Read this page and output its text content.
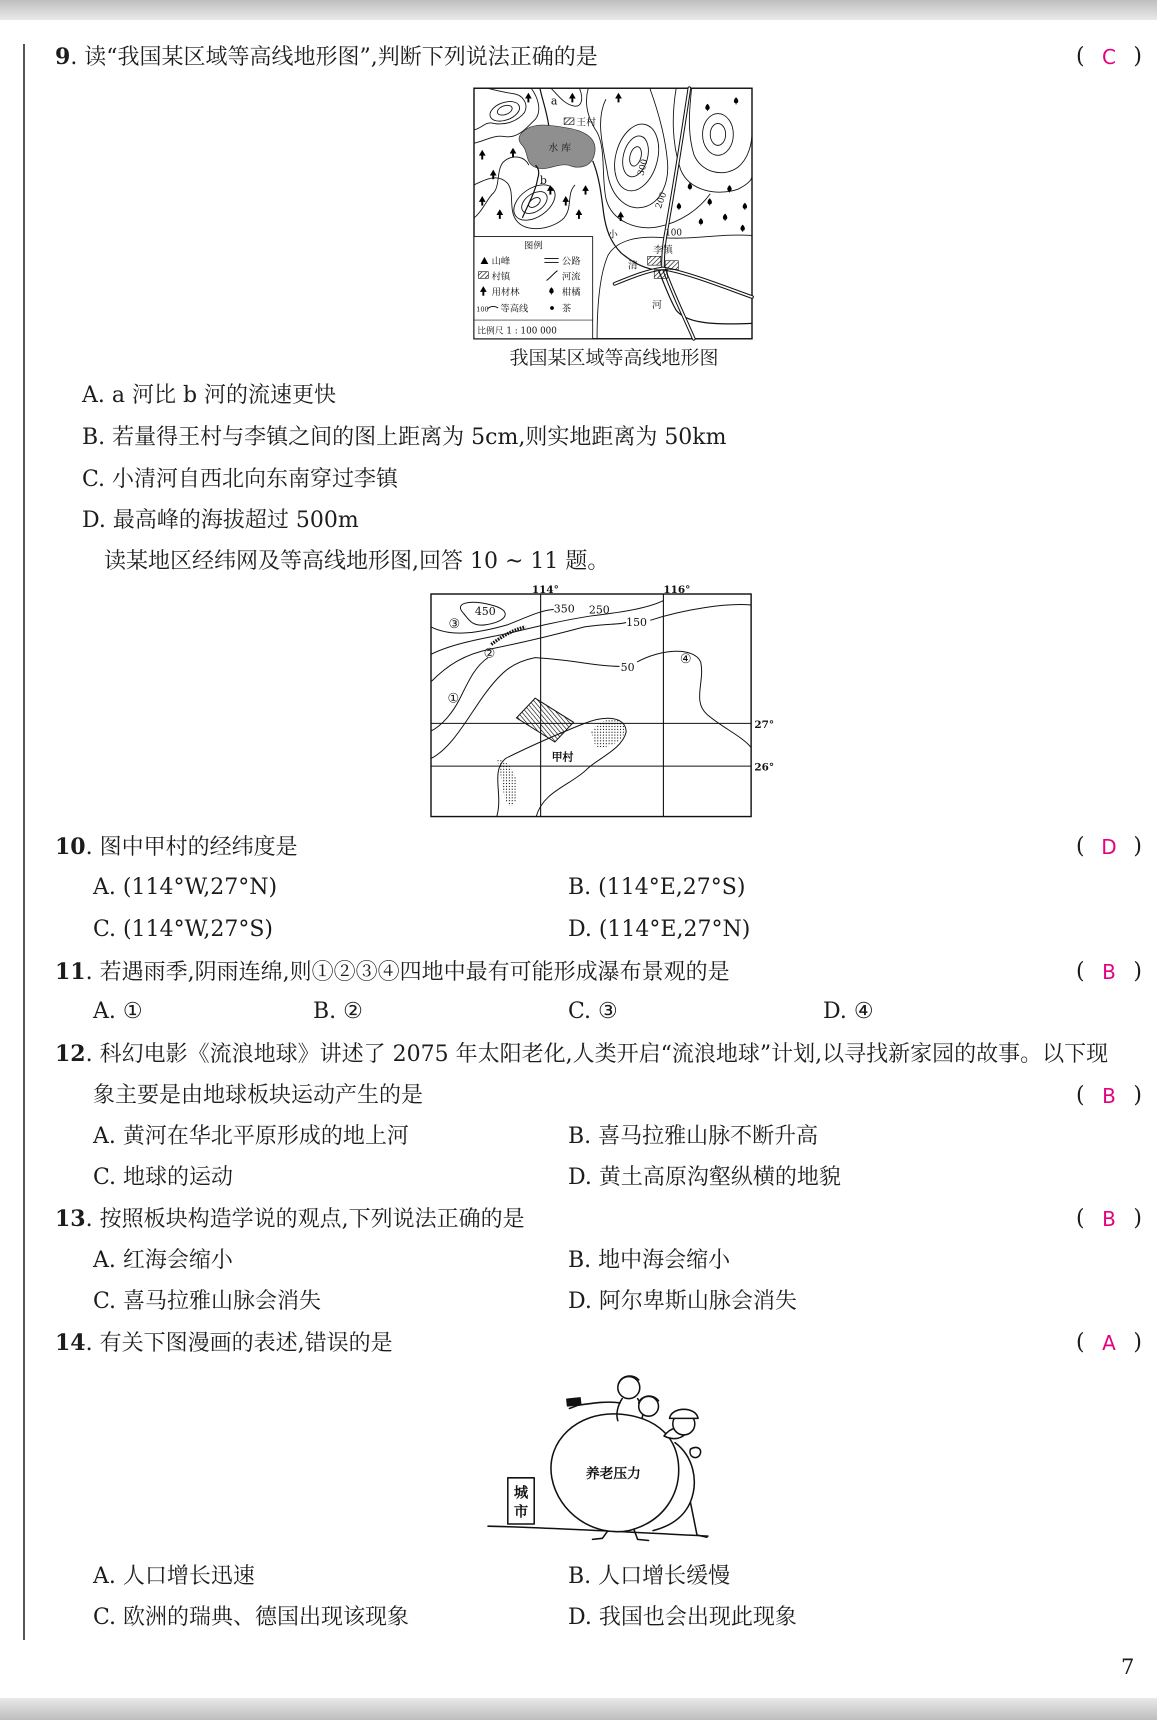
9. 读“我国某区域等高线地形图”,判断下列说法正确的是	( C )
a
b
王村
水 库
300
200
100
小
清
河
李镇
图例
山峰	公路
村镇	河流
用材林	柑橘
100 等高线	茶
比例尺 1 : 100 000
我国某区域等高线地形图
A. a 河比 b 河的流速更快
B. 若量得王村与李镇之间的图上距离为 5cm,则实地距离为 50km
C. 小清河自西北向东南穿过李镇
D. 最高峰的海拔超过 500m
读某地区经纬网及等高线地形图,回答 10 ~ 11 题。
114°	116°
27°
26°
450	350 250
150
50
③
②
①
④
甲村
10. 图中甲村的经纬度是	( D )
A. (114°W,27°N)	B. (114°E,27°S)
C. (114°W,27°S)	D. (114°E,27°N)
11. 若遇雨季,阴雨连绵,则①②③④四地中最有可能形成瀑布景观的是	( B )
A. ①	B. ②	C. ③	D. ④
12. 科幻电影《流浪地球》讲述了 2075 年太阳老化,人类开启“流浪地球”计划,以寻找新家园的故事。以下现
象主要是由地球板块运动产生的是	( B )
A. 黄河在华北平原形成的地上河	B. 喜马拉雅山脉不断升高
C. 地球的运动	D. 黄土高原沟壑纵横的地貌
13. 按照板块构造学说的观点,下列说法正确的是	( B )
A. 红海会缩小	B. 地中海会缩小
C. 喜马拉雅山脉会消失	D. 阿尔卑斯山脉会消失
14. 有关下图漫画的表述,错误的是	( A )
养老压力
城
市
A. 人口增长迅速	B. 人口增长缓慢
C. 欧洲的瑞典、德国出现该现象	D. 我国也会出现此现象
7
